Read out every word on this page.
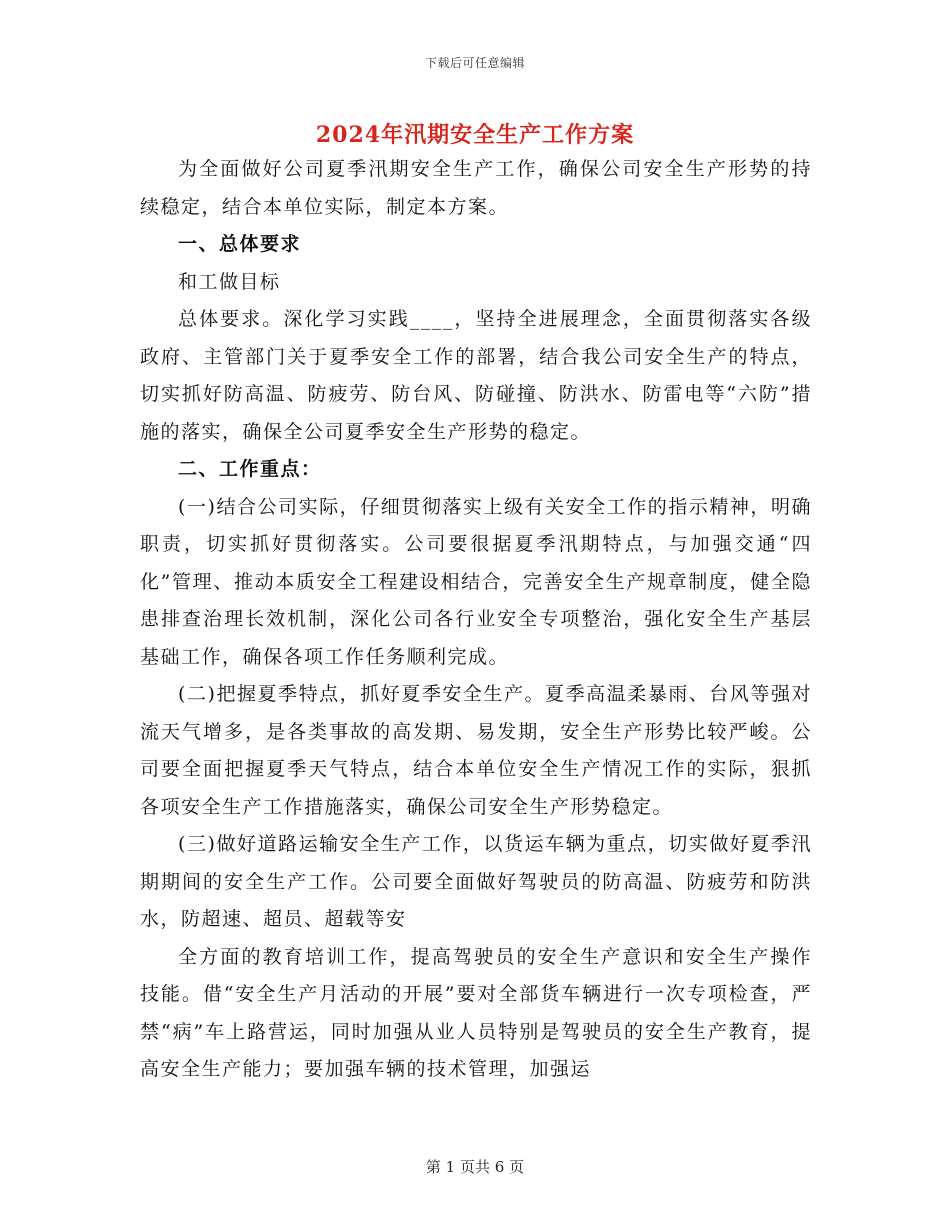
下载后可任意编辑
2024年汛期安全生产工作方案

为全面做好公司夏季汛期安全生产工作，确保公司安全生产形势的持续稳定，结合本单位实际，制定本方案。

一、总体要求

和工做目标

总体要求。深化学习实践____，坚持全进展理念，全面贯彻落实各级政府、主管部门关于夏季安全工作的部署，结合我公司安全生产的特点，切实抓好防高温、防疲劳、防台风、防碰撞、防洪水、防雷电等“六防”措施的落实，确保全公司夏季安全生产形势的稳定。

二、工作重点：

(一)结合公司实际，仔细贯彻落实上级有关安全工作的指示精神，明确职责，切实抓好贯彻落实。公司要很据夏季汛期特点，与加强交通“四化”管理、推动本质安全工程建设相结合，完善安全生产规章制度，健全隐患排查治理长效机制，深化公司各行业安全专项整治，强化安全生产基层基础工作，确保各项工作任务顺利完成。

(二)把握夏季特点，抓好夏季安全生产。夏季高温柔暴雨、台风等强对流天气增多，是各类事故的高发期、易发期，安全生产形势比较严峻。公司要全面把握夏季天气特点，结合本单位安全生产情况工作的实际，狠抓各项安全生产工作措施落实，确保公司安全生产形势稳定。

(三)做好道路运输安全生产工作，以货运车辆为重点，切实做好夏季汛期期间的安全生产工作。公司要全面做好驾驶员的防高温、防疲劳和防洪水，防超速、超员、超载等安

全方面的教育培训工作，提高驾驶员的安全生产意识和安全生产操作技能。借“安全生产月活动的开展”要对全部货车辆进行一次专项检查，严禁“病”车上路营运，同时加强从业人员特别是驾驶员的安全生产教育，提高安全生产能力；要加强车辆的技术管理，加强运

第 1 页共 6 页
